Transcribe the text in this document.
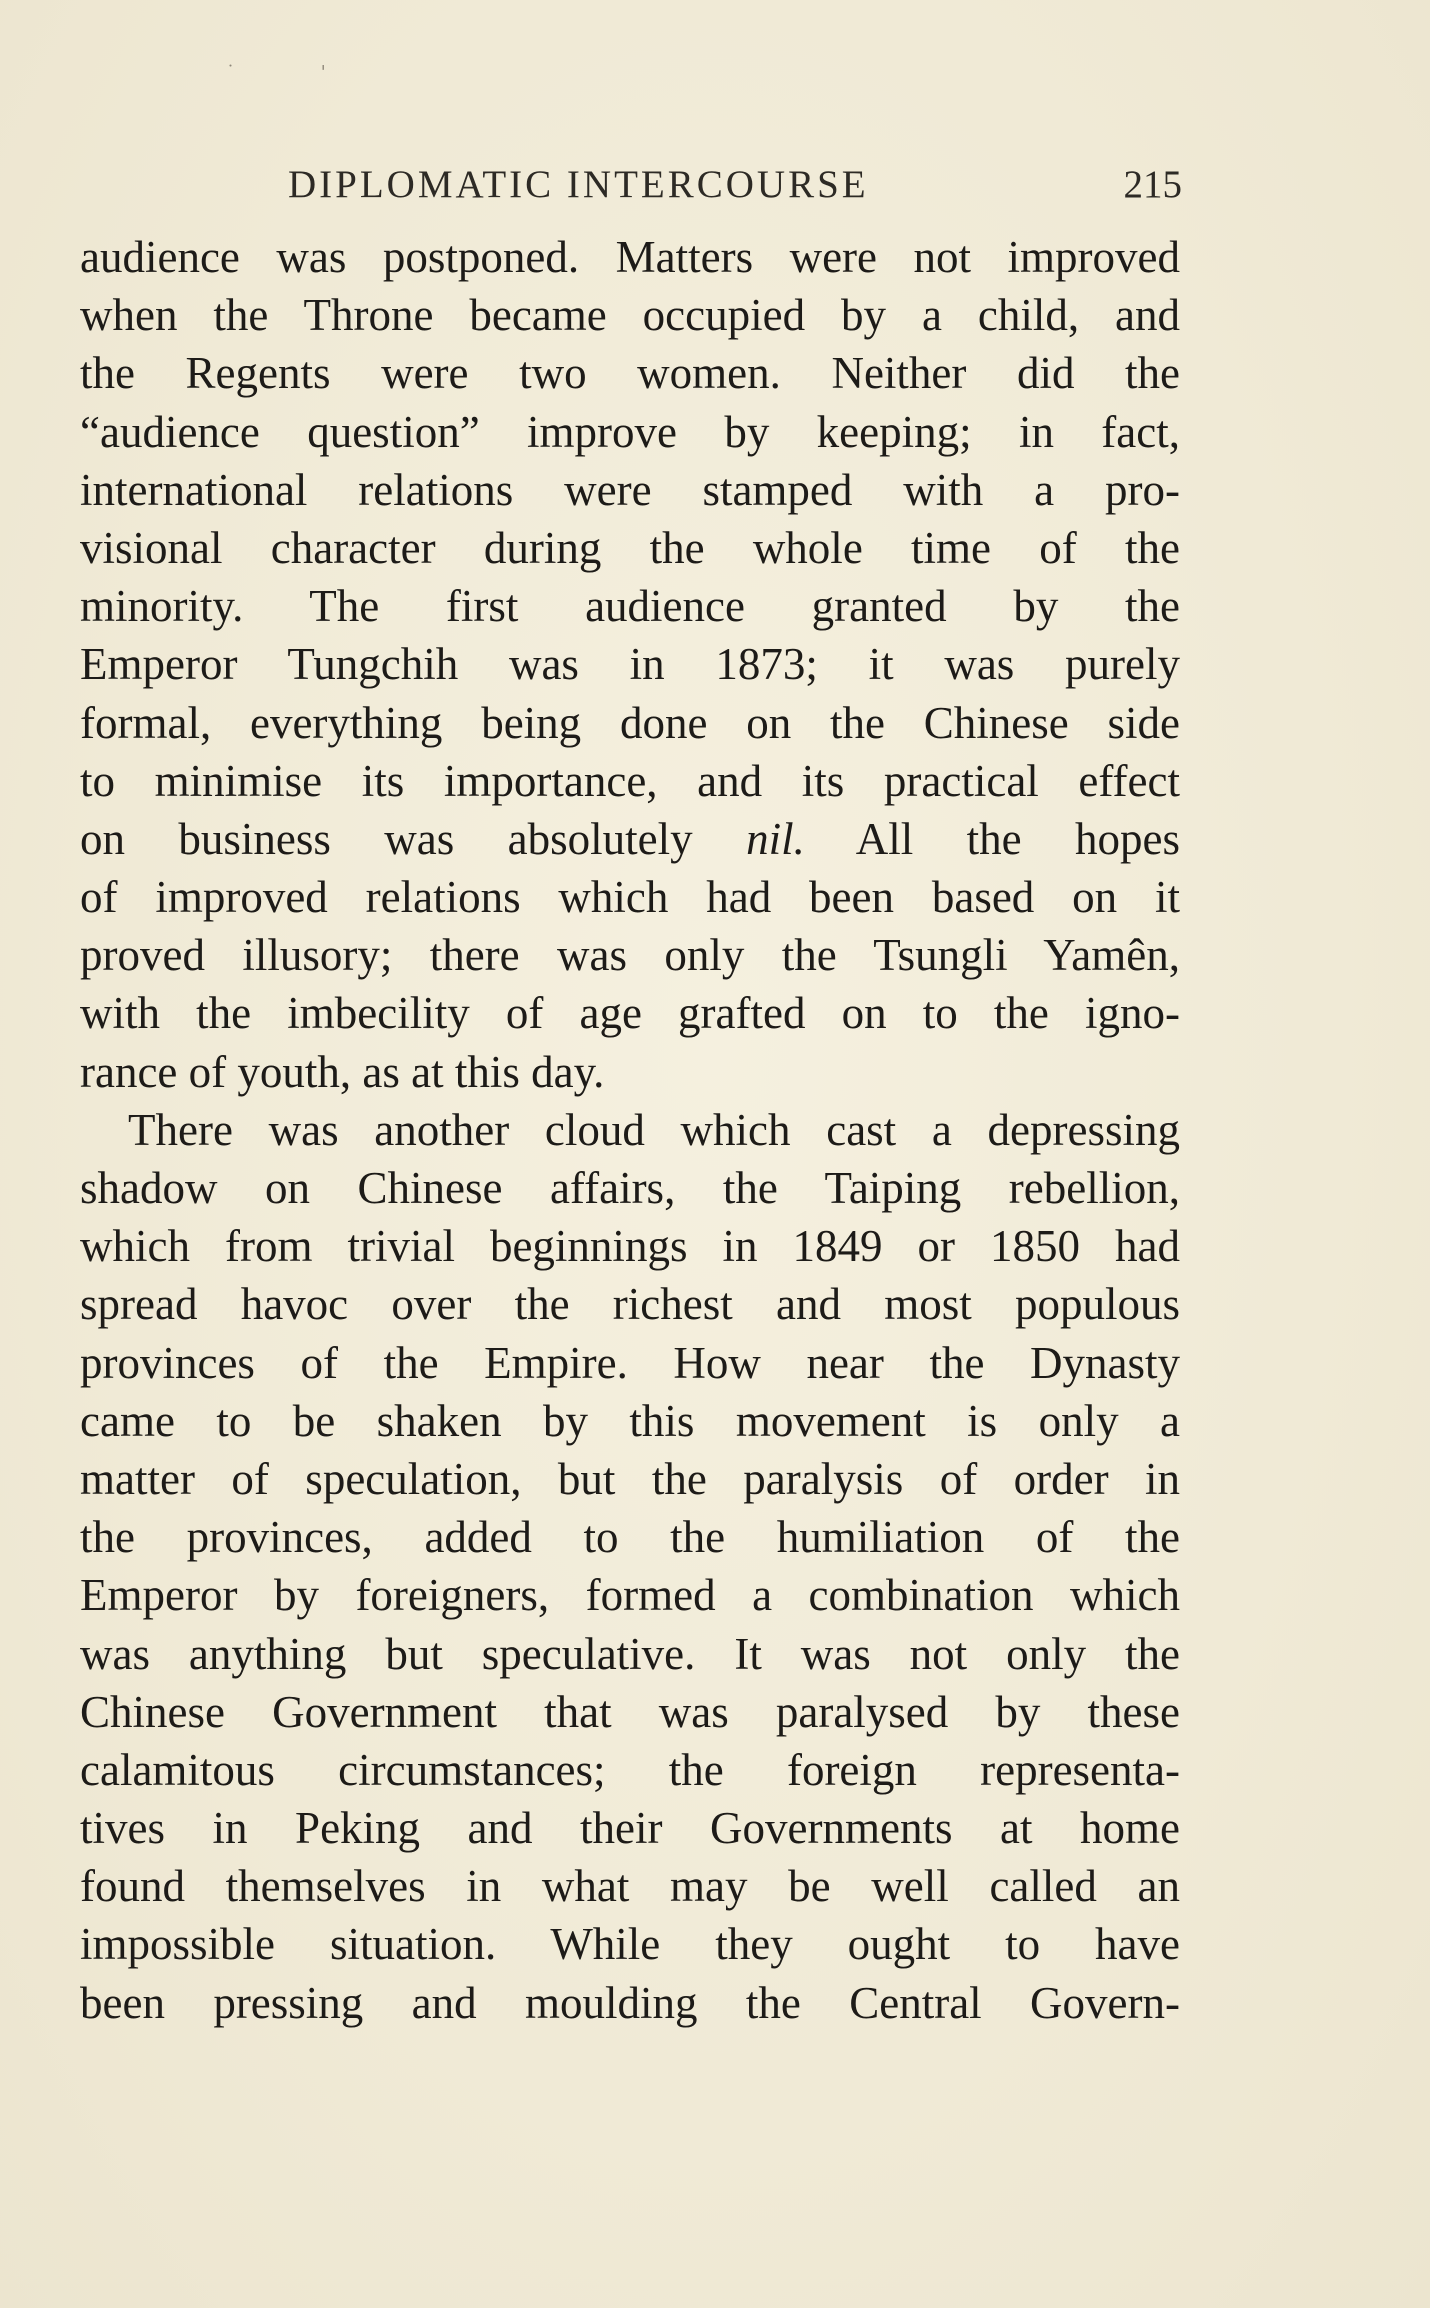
˙ '
DIPLOMATIC INTERCOURSE	215
audience was postponed. Matters were not improved
when the Throne became occupied by a child, and
the Regents were two women. Neither did the
“audience question” improve by keeping; in fact,
international relations were stamped with a pro-
visional character during the whole time of the
minority. The first audience granted by the
Emperor Tungchih was in 1873; it was purely
formal, everything being done on the Chinese side
to minimise its importance, and its practical effect
on business was absolutely nil. All the hopes
of improved relations which had been based on it
proved illusory; there was only the Tsungli Yamên,
with the imbecility of age grafted on to the igno-
rance of youth, as at this day.
There was another cloud which cast a depressing
shadow on Chinese affairs, the Taiping rebellion,
which from trivial beginnings in 1849 or 1850 had
spread havoc over the richest and most populous
provinces of the Empire. How near the Dynasty
came to be shaken by this movement is only a
matter of speculation, but the paralysis of order in
the provinces, added to the humiliation of the
Emperor by foreigners, formed a combination which
was anything but speculative. It was not only the
Chinese Government that was paralysed by these
calamitous circumstances; the foreign representa-
tives in Peking and their Governments at home
found themselves in what may be well called an
impossible situation. While they ought to have
been pressing and moulding the Central Govern-
